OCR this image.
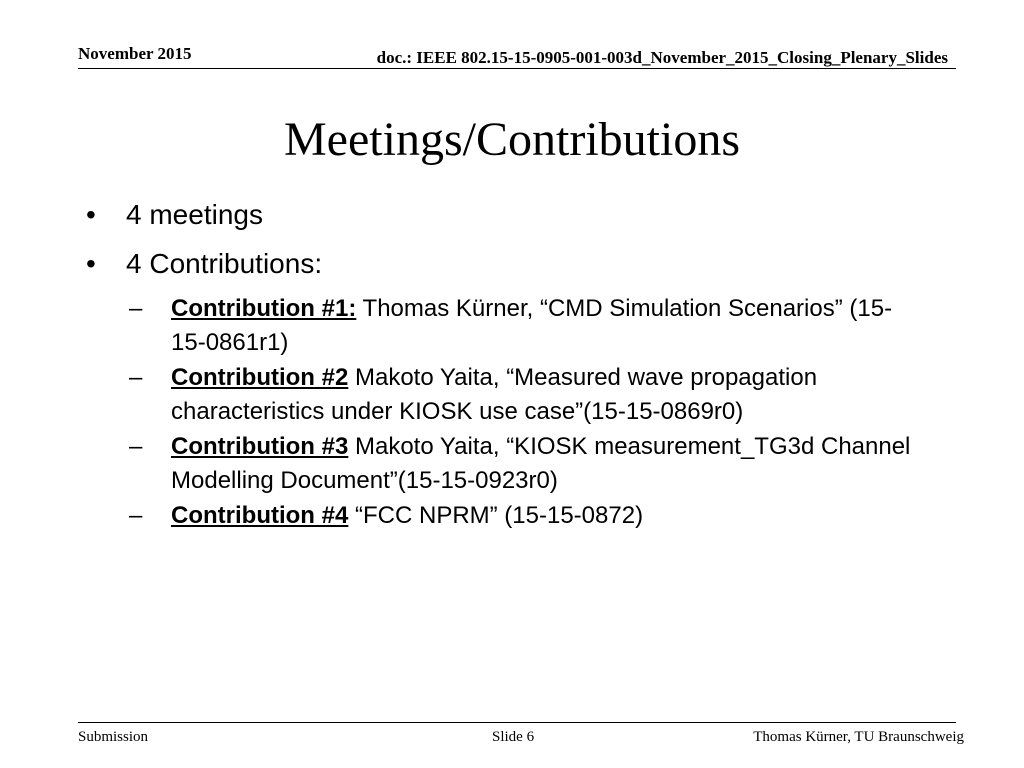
November 2015	doc.: IEEE 802.15-15-0905-001-003d_November_2015_Closing_Plenary_Slides
Meetings/Contributions
• 4 meetings
• 4 Contributions:
– Contribution #1: Thomas Kürner, “CMD Simulation Scenarios” (15-15-0861r1)
– Contribution #2 Makoto Yaita, “Measured wave propagation characteristics under KIOSK use case”(15-15-0869r0)
– Contribution #3 Makoto Yaita, “KIOSK measurement_TG3d Channel Modelling Document”(15-15-0923r0)
– Contribution #4 “FCC NPRM” (15-15-0872)
Submission	Slide 6	Thomas Kürner, TU Braunschweig
